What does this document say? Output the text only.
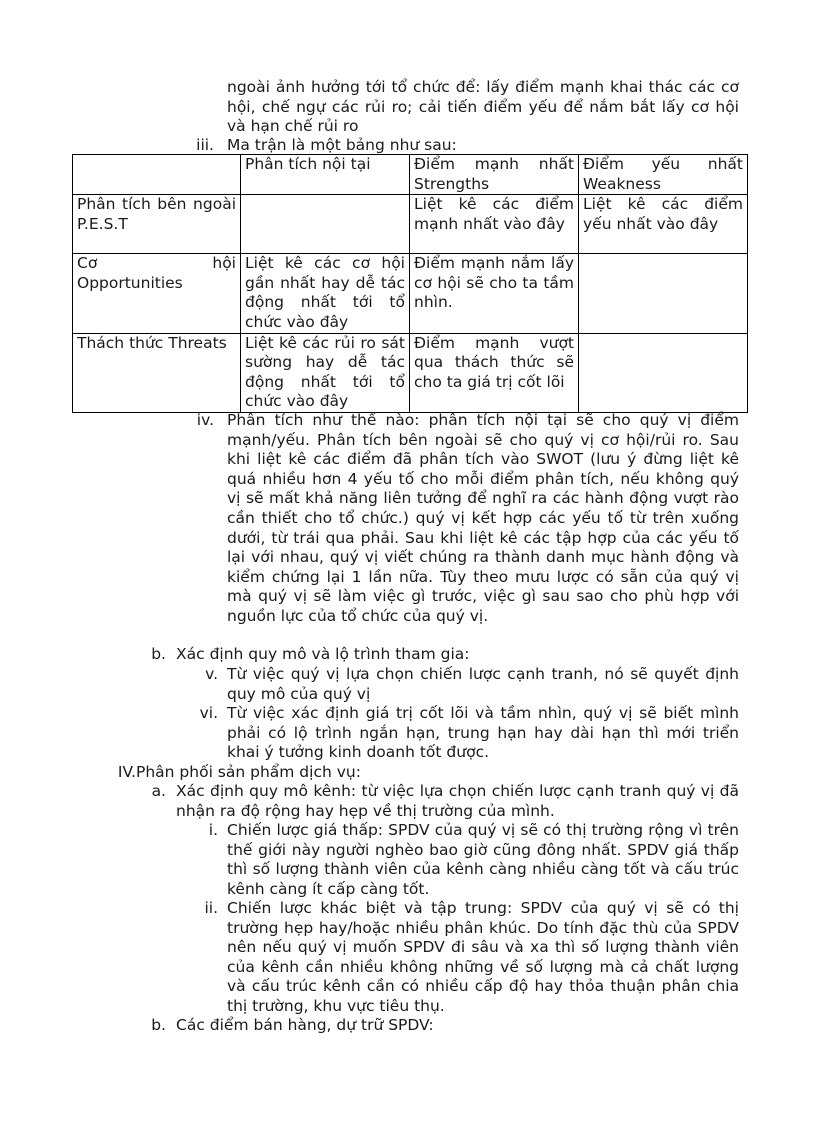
ngoài ảnh hưởng tới tổ chức để: lấy điểm mạnh khai thác các cơ hội, chế ngự các rủi ro; cải tiến điểm yếu để nắm bắt lấy cơ hội và hạn chế rủi ro
iii. Ma trận là một bảng như sau:
	Phân tích nội tại	Điểm mạnh nhất Strengths	Điểm yếu nhất Weakness
Phân tích bên ngoài P.E.S.T		Liệt kê các điểm mạnh nhất vào đây	Liệt kê các điểm yếu nhất vào đây
Cơ hội Opportunities	Liệt kê các cơ hội gần nhất hay dễ tác động nhất tới tổ chức vào đây	Điểm mạnh nắm lấy cơ hội sẽ cho ta tầm nhìn.	
Thách thức Threats	Liệt kê các rủi ro sát sường hay dễ tác động nhất tới tổ chức vào đây	Điểm mạnh vượt qua thách thức sẽ cho ta giá trị cốt lõi	
iv. Phân tích như thế nào: phân tích nội tại sẽ cho quý vị điểm mạnh/yếu. Phân tích bên ngoài sẽ cho quý vị cơ hội/rủi ro. Sau khi liệt kê các điểm đã phân tích vào SWOT (lưu ý đừng liệt kê quá nhiều hơn 4 yếu tố cho mỗi điểm phân tích, nếu không quý vị sẽ mất khả năng liên tưởng để nghĩ ra các hành động vượt rào cần thiết cho tổ chức.) quý vị kết hợp các yếu tố từ trên xuống dưới, từ trái qua phải. Sau khi liệt kê các tập hợp của các yếu tố lại với nhau, quý vị viết chúng ra thành danh mục hành động và kiểm chứng lại 1 lần nữa. Tùy theo mưu lược có sẵn của quý vị mà quý vị sẽ làm việc gì trước, việc gì sau sao cho phù hợp với nguồn lực của tổ chức của quý vị.
b. Xác định quy mô và lộ trình tham gia:
v. Từ việc quý vị lựa chọn chiến lược cạnh tranh, nó sẽ quyết định quy mô của quý vị
vi. Từ việc xác định giá trị cốt lõi và tầm nhìn, quý vị sẽ biết mình phải có lộ trình ngắn hạn, trung hạn hay dài hạn thì mới triển khai ý tưởng kinh doanh tốt được.
IV. Phân phối sản phẩm dịch vụ:
a. Xác định quy mô kênh: từ việc lựa chọn chiến lược cạnh tranh quý vị đã nhận ra độ rộng hay hẹp về thị trường của mình.
i. Chiến lược giá thấp: SPDV của quý vị sẽ có thị trường rộng vì trên thế giới này người nghèo bao giờ cũng đông nhất. SPDV giá thấp thì số lượng thành viên của kênh càng nhiều càng tốt và cấu trúc kênh càng ít cấp càng tốt.
ii. Chiến lược khác biệt và tập trung: SPDV của quý vị sẽ có thị trường hẹp hay/hoặc nhiều phân khúc. Do tính đặc thù của SPDV nên nếu quý vị muốn SPDV đi sâu và xa thì số lượng thành viên của kênh cần nhiều không những về số lượng mà cả chất lượng và cấu trúc kênh cần có nhiều cấp độ hay thỏa thuận phân chia thị trường, khu vực tiêu thụ.
b. Các điểm bán hàng, dự trữ SPDV:
